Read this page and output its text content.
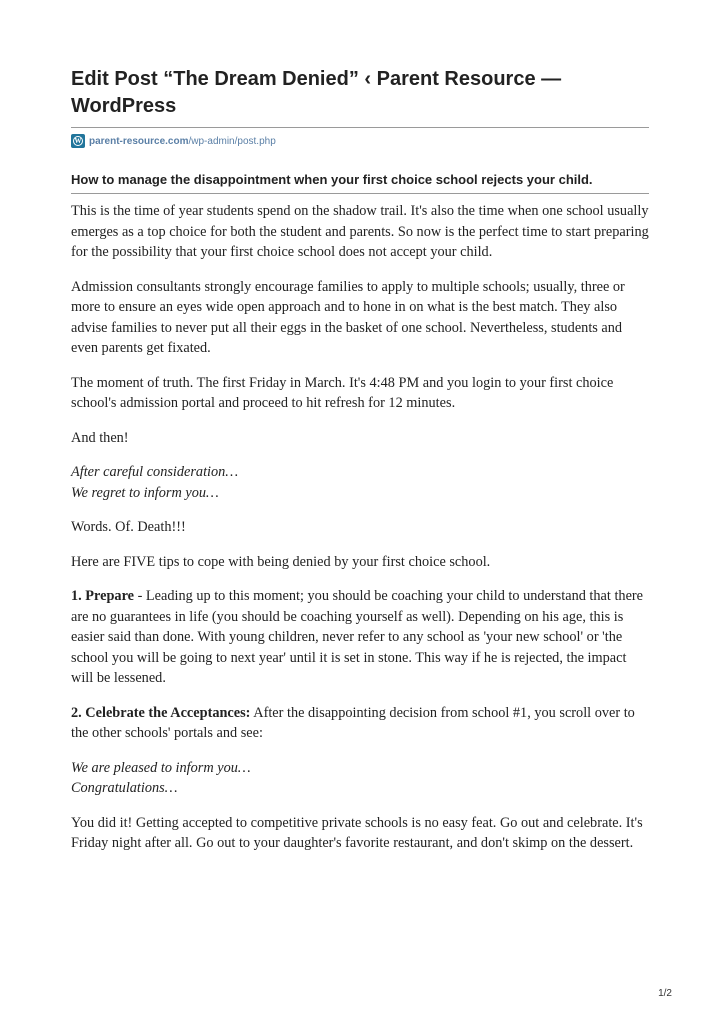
Edit Post “The Dream Denied” ‹ Parent Resource — WordPress
W parent-resource.com/wp-admin/post.php
How to manage the disappointment when your first choice school rejects your child.

This is the time of year students spend on the shadow trail. It's also the time when one school usually emerges as a top choice for both the student and parents. So now is the perfect time to start preparing for the possibility that your first choice school does not accept your child.

Admission consultants strongly encourage families to apply to multiple schools; usually, three or more to ensure an eyes wide open approach and to hone in on what is the best match. They also advise families to never put all their eggs in the basket of one school. Nevertheless, students and even parents get fixated.

The moment of truth. The first Friday in March. It's 4:48 PM and you login to your first choice school's admission portal and proceed to hit refresh for 12 minutes.

And then!

After careful consideration…
We regret to inform you…

Words. Of. Death!!!

Here are FIVE tips to cope with being denied by your first choice school.

1. Prepare - Leading up to this moment; you should be coaching your child to understand that there are no guarantees in life (you should be coaching yourself as well). Depending on his age, this is easier said than done. With young children, never refer to any school as 'your new school' or 'the school you will be going to next year' until it is set in stone. This way if he is rejected, the impact will be lessened.

2. Celebrate the Acceptances: After the disappointing decision from school #1, you scroll over to the other schools' portals and see:

We are pleased to inform you…
Congratulations…

You did it! Getting accepted to competitive private schools is no easy feat. Go out and celebrate. It's Friday night after all. Go out to your daughter's favorite restaurant, and don't skimp on the dessert.

1/2
